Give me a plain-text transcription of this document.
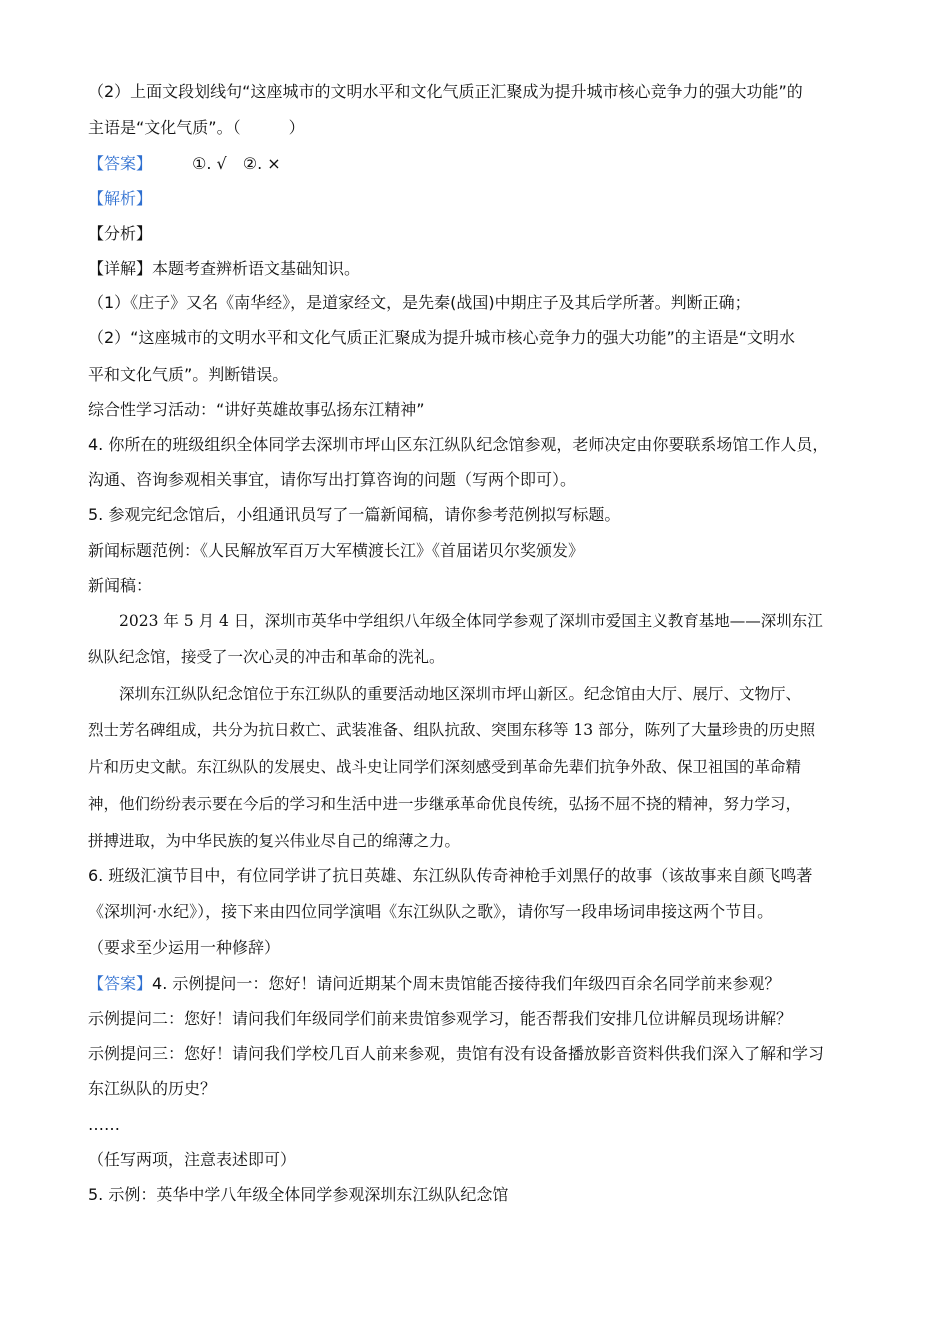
（2）上面文段划线句“这座城市的文明水平和文化气质正汇聚成为提升城市核心竞争力的强大功能”的
主语是“文化气质”。（　　　）
【答案】	①. √ ②. ×
【解析】
【分析】
【详解】本题考查辨析语文基础知识。
（1）《庄子》又名《南华经》，是道家经文，是先秦(战国)中期庄子及其后学所著。判断正确；
（2）“这座城市的文明水平和文化气质正汇聚成为提升城市核心竞争力的强大功能”的主语是“文明水
平和文化气质”。判断错误。
综合性学习活动：“讲好英雄故事弘扬东江精神”
4. 你所在的班级组织全体同学去深圳市坪山区东江纵队纪念馆参观，老师决定由你要联系场馆工作人员，
沟通、咨询参观相关事宜，请你写出打算咨询的问题（写两个即可）。
5. 参观完纪念馆后，小组通讯员写了一篇新闻稿，请你参考范例拟写标题。
新闻标题范例：《人民解放军百万大军横渡长江》《首届诺贝尔奖颁发》
新闻稿：
　　2023 年 5 月 4 日，深圳市英华中学组织八年级全体同学参观了深圳市爱国主义教育基地——深圳东江
纵队纪念馆，接受了一次心灵的冲击和革命的洗礼。
　　深圳东江纵队纪念馆位于东江纵队的重要活动地区深圳市坪山新区。纪念馆由大厅、展厅、文物厅、
烈士芳名碑组成，共分为抗日救亡、武装准备、组队抗敌、突围东移等 13 部分，陈列了大量珍贵的历史照
片和历史文献。东江纵队的发展史、战斗史让同学们深刻感受到革命先辈们抗争外敌、保卫祖国的革命精
神，他们纷纷表示要在今后的学习和生活中进一步继承革命优良传统，弘扬不屈不挠的精神，努力学习，
拼搏进取，为中华民族的复兴伟业尽自己的绵薄之力。
6. 班级汇演节目中，有位同学讲了抗日英雄、东江纵队传奇神枪手刘黑仔的故事（该故事来自颜飞鸣著
《深圳河·水纪》），接下来由四位同学演唱《东江纵队之歌》，请你写一段串场词串接这两个节目。
（要求至少运用一种修辞）
【答案】4. 示例提问一：您好！请问近期某个周末贵馆能否接待我们年级四百余名同学前来参观？
示例提问二：您好！请问我们年级同学们前来贵馆参观学习，能否帮我们安排几位讲解员现场讲解？
示例提问三：您好！请问我们学校几百人前来参观，贵馆有没有设备播放影音资料供我们深入了解和学习
东江纵队的历史？
……
（任写两项，注意表述即可）
5. 示例：英华中学八年级全体同学参观深圳东江纵队纪念馆
